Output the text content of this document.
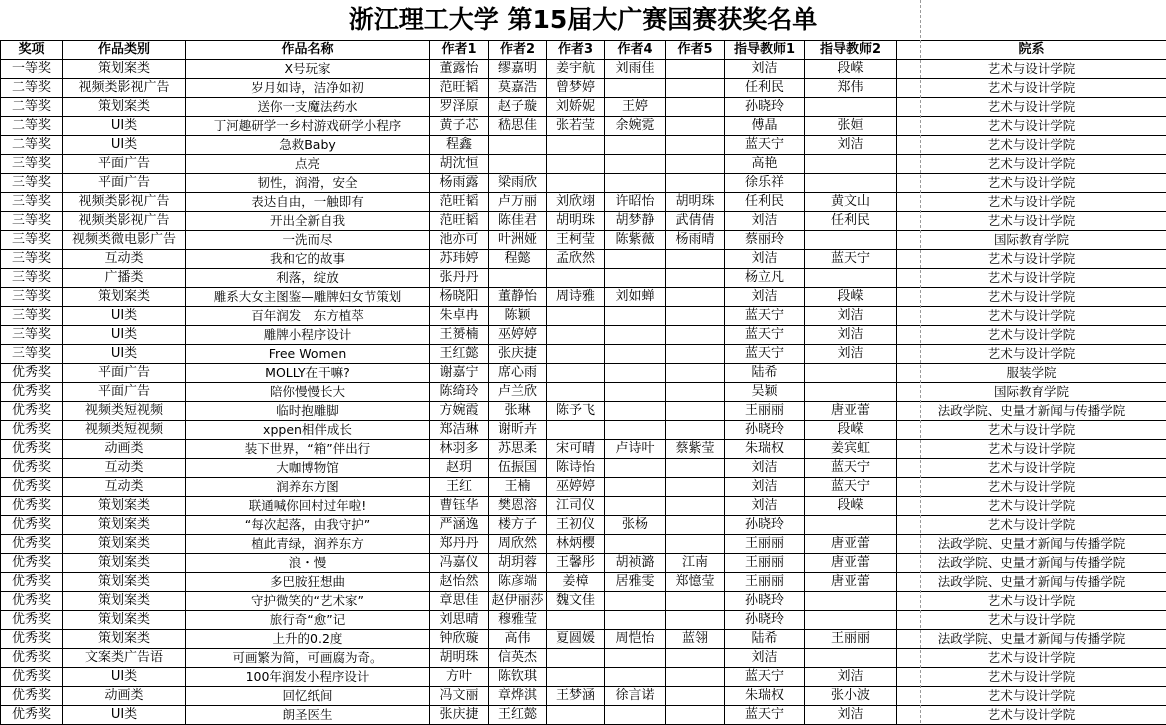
浙江理工大学 第15届大广赛国赛获奖名单
奖项	作品类别	作品名称	作者1	作者2	作者3	作者4	作者5	指导教师1	指导教师2	院系
一等奖	策划案类	X号玩家	董露怡	缪嘉明	姜宇航	刘雨佳		刘洁	段嵘	艺术与设计学院
二等奖	视频类影视广告	岁月如诗，洁净如初	范旺韬	莫嘉浩	曾梦婷			任利民	郑伟	艺术与设计学院
二等奖	策划案类	送你一支魔法药水	罗泽原	赵子璇	刘娇妮	王婷		孙晓玲		艺术与设计学院
二等奖	UI类	丁河趣研学一乡村游戏研学小程序	黄子芯	嵇思佳	张若莹	余婉霓		傅晶	张姮	艺术与设计学院
二等奖	UI类	急救Baby	程鑫					蓝天宁	刘洁	艺术与设计学院
三等奖	平面广告	点亮	胡沈恒					高艳		艺术与设计学院
三等奖	平面广告	韧性，润滑，安全	杨雨露	梁雨欣				徐乐祥		艺术与设计学院
三等奖	视频类影视广告	表达自由，一触即有	范旺韬	卢万丽	刘欣翊	许昭怡	胡明珠	任利民	黄文山	艺术与设计学院
三等奖	视频类影视广告	开出全新自我	范旺韬	陈佳君	胡明珠	胡梦静	武倩倩	刘洁	任利民	艺术与设计学院
三等奖	视频类微电影广告	一洗而尽	池亦可	叶洲娅	王柯莹	陈紫薇	杨雨晴	蔡丽玲		国际教育学院
三等奖	互动类	我和它的故事	苏玮婷	程懿	孟欣然			刘洁	蓝天宁	艺术与设计学院
三等奖	广播类	利落，绽放	张丹丹					杨立凡		艺术与设计学院
三等奖	策划案类	雕系大女主图鉴—雕牌妇女节策划	杨晓阳	董静怡	周诗雅	刘如蝉		刘洁	段嵘	艺术与设计学院
三等奖	UI类	百年润发　东方植萃	朱卓冉	陈颖				蓝天宁	刘洁	艺术与设计学院
三等奖	UI类	雕牌小程序设计	王赟楠	巫婷婷				蓝天宁	刘洁	艺术与设计学院
三等奖	UI类	Free Women	王红懿	张庆捷				蓝天宁	刘洁	艺术与设计学院
优秀奖	平面广告	MOLLY在干嘛?	谢嘉宁	席心雨				陆希		服装学院
优秀奖	平面广告	陪你慢慢长大	陈绮玲	卢兰欣				吴颖		国际教育学院
优秀奖	视频类短视频	临时抱雕脚	方婉霞	张琳	陈予飞			王丽丽	唐亚蕾	法政学院、史量才新闻与传播学院
优秀奖	视频类短视频	xppen相伴成长	郑洁琳	谢昕卉				孙晓玲	段嵘	艺术与设计学院
优秀奖	动画类	装下世界，“箱”伴出行	林羽多	苏思柔	宋可晴	卢诗叶	蔡紫莹	朱瑞权	姜宾虹	艺术与设计学院
优秀奖	互动类	大咖博物馆	赵玥	伍振国	陈诗怡			刘洁	蓝天宁	艺术与设计学院
优秀奖	互动类	润养东方图	王红	王楠	巫婷婷			刘洁	蓝天宁	艺术与设计学院
优秀奖	策划案类	联通喊你回村过年啦!	曹钰华	樊恩溶	江司仪			刘洁	段嵘	艺术与设计学院
优秀奖	策划案类	“每次起落，由我守护”	严涵逸	楼方子	王初仪	张杨		孙晓玲		艺术与设计学院
优秀奖	策划案类	植此青绿，润养东方	郑丹丹	周欣然	林炳樱			王丽丽	唐亚蕾	法政学院、史量才新闻与传播学院
优秀奖	策划案类	浪・慢	冯嘉仪	胡玥蓉	王馨彤	胡祯潞	江南	王丽丽	唐亚蕾	法政学院、史量才新闻与传播学院
优秀奖	策划案类	多巴胺狂想曲	赵怡然	陈彦端	姜樟	居雅雯	郑憶莹	王丽丽	唐亚蕾	法政学院、史量才新闻与传播学院
优秀奖	策划案类	守护微笑的“艺术家”	章思佳	赵伊丽莎	魏文佳			孙晓玲		艺术与设计学院
优秀奖	策划案类	旅行奇“愈”记	刘思晴	穆雅莹				孙晓玲		艺术与设计学院
优秀奖	策划案类	上升的0.2度	钟欣璇	高伟	夏圆媛	周恺怡	蓝翎	陆希	王丽丽	法政学院、史量才新闻与传播学院
优秀奖	文案类广告语	可画繁为简，可画腐为奇。	胡明珠	信英杰				刘洁		艺术与设计学院
优秀奖	UI类	100年润发小程序设计	方叶	陈钦琪				蓝天宁	刘洁	艺术与设计学院
优秀奖	动画类	回忆纸间	冯文丽	章烨淇	王梦涵	徐言诺		朱瑞权	张小波	艺术与设计学院
优秀奖	UI类	朗圣医生	张庆捷	王红懿				蓝天宁	刘洁	艺术与设计学院
